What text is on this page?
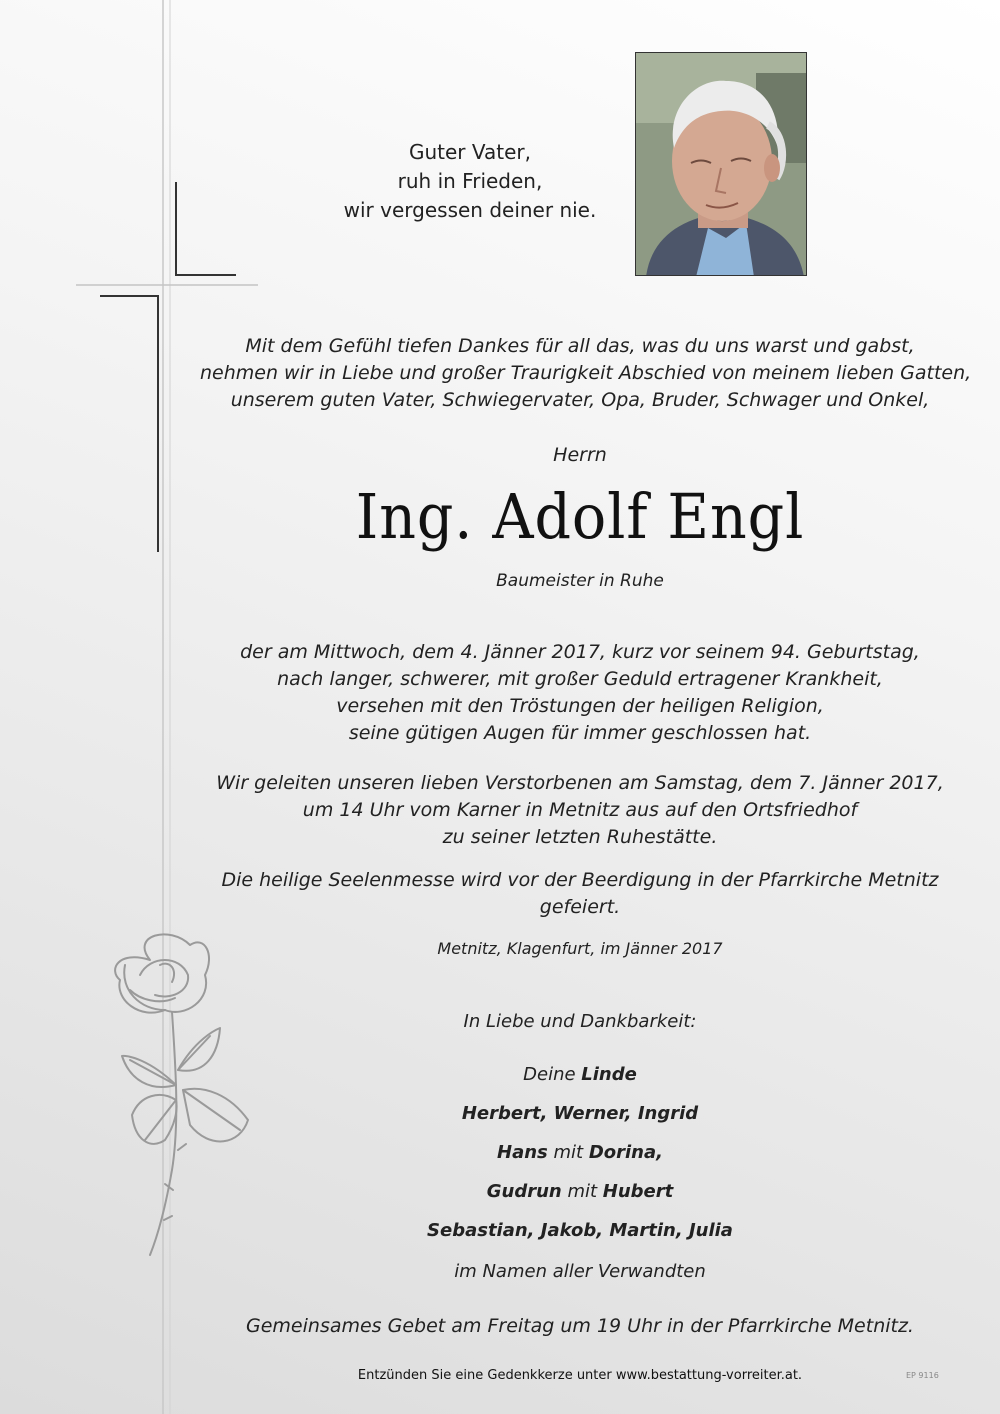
Guter Vater,
ruh in Frieden,
wir vergessen deiner nie.
Mit dem Gefühl tiefen Dankes für all das, was du uns warst und gabst,
nehmen wir in Liebe und großer Traurigkeit Abschied von meinem lieben Gatten,
unserem guten Vater, Schwiegervater, Opa, Bruder, Schwager und Onkel,
Herrn
Ing. Adolf Engl
Baumeister in Ruhe
der am Mittwoch, dem 4. Jänner 2017, kurz vor seinem 94. Geburtstag,
nach langer, schwerer, mit großer Geduld ertragener Krankheit,
versehen mit den Tröstungen der heiligen Religion,
seine gütigen Augen für immer geschlossen hat.
Wir geleiten unseren lieben Verstorbenen am Samstag, dem 7. Jänner 2017,
um 14 Uhr vom Karner in Metnitz aus auf den Ortsfriedhof
zu seiner letzten Ruhestätte.
Die heilige Seelenmesse wird vor der Beerdigung in der Pfarrkirche Metnitz gefeiert.
Metnitz, Klagenfurt, im Jänner 2017
In Liebe und Dankbarkeit:
Deine Linde
Herbert, Werner, Ingrid
Hans mit Dorina,
Gudrun mit Hubert
Sebastian, Jakob, Martin, Julia
im Namen aller Verwandten
Gemeinsames Gebet am Freitag um 19 Uhr in der Pfarrkirche Metnitz.
Entzünden Sie eine Gedenkkerze unter www.bestattung-vorreiter.at.	EP 9116
